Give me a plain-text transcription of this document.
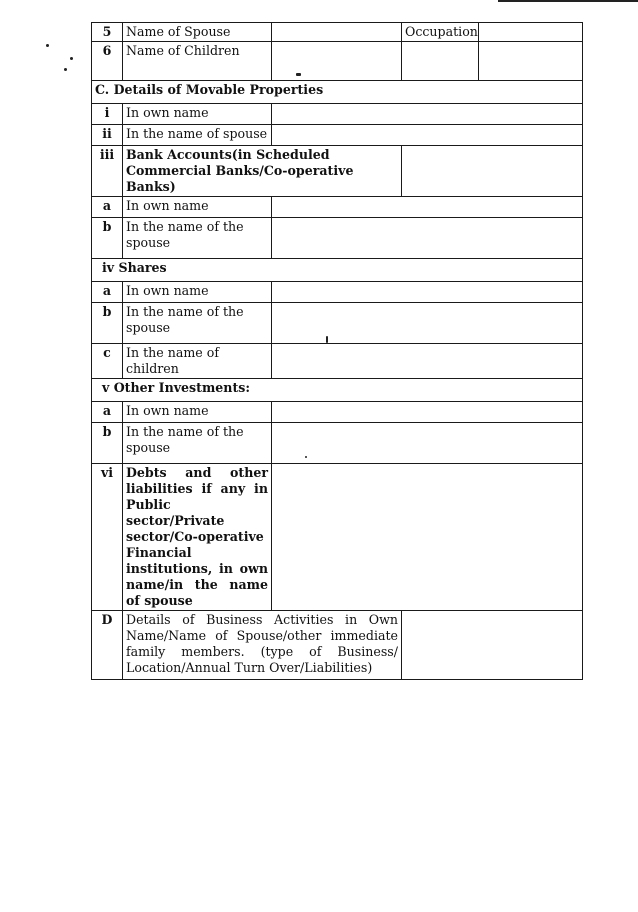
5	Name of Spouse		Occupation	
6	Name of Children			
C. Details of Movable Properties				
i	In own name			
ii	In the name of spouse			
iii	Bank Accounts(in Scheduled Commercial Banks/Co-operative Banks)			
a	In own name			
b	In the name of the spouse			
iv Shares				
a	In own name			
b	In the name of the spouse			
c	In the name of children			
v Other Investments:				
a	In own name			
b	In the name of the spouse			
vi	Debts and other liabilities if any in Public sector/Private sector/Co-operative Financial institutions, in own name/in the name of spouse			
D	Details of Business Activities in Own Name/Name of Spouse/other immediate family members. (type of Business/ Location/Annual Turn Over/Liabilities)			
